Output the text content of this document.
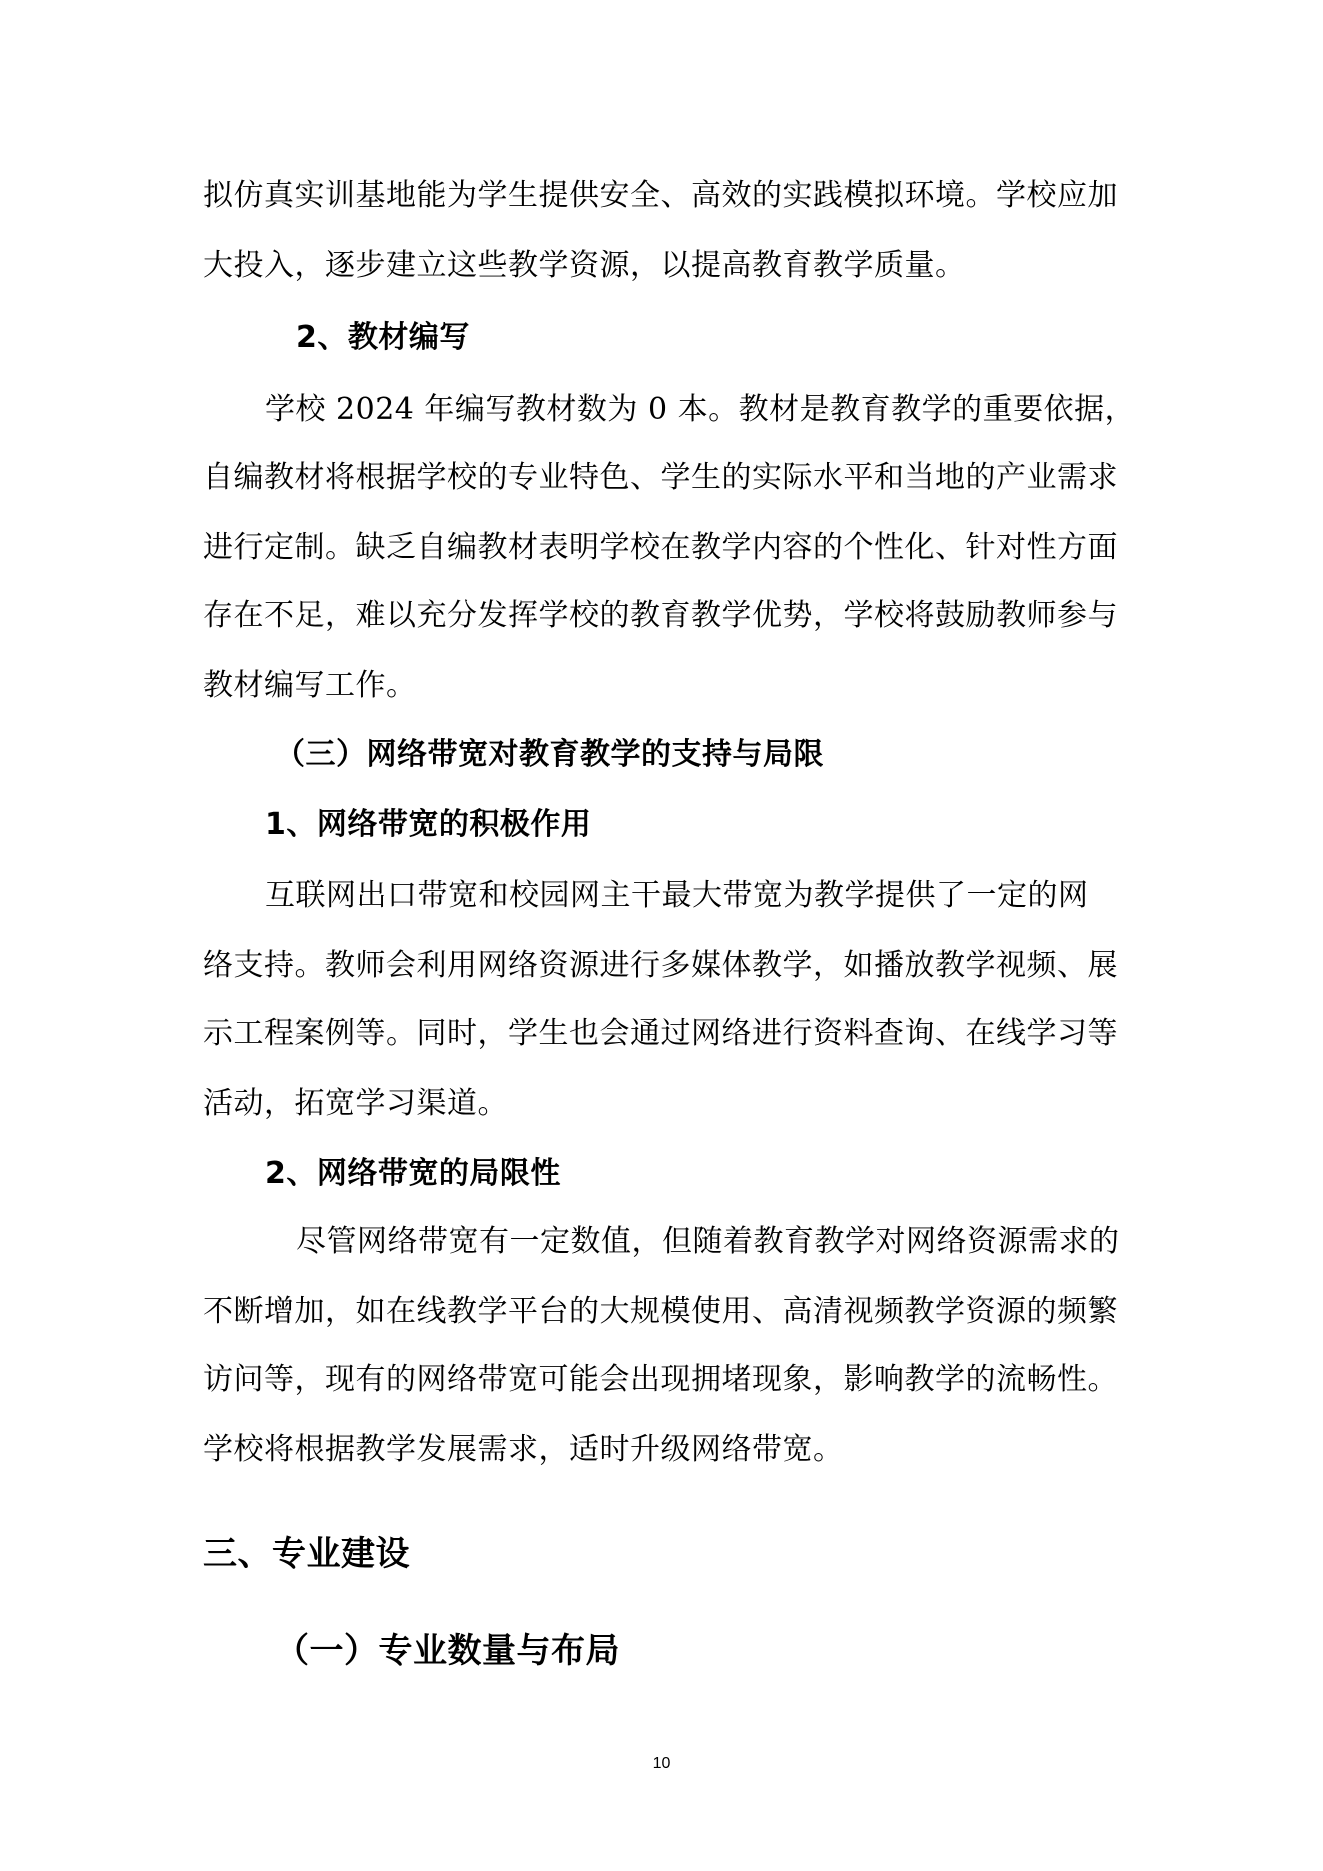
拟仿真实训基地能为学生提供安全、高效的实践模拟环境。学校应加
大投入，逐步建立这些教学资源，以提高教育教学质量。
2、教材编写
学校 2024 年编写教材数为 0 本。教材是教育教学的重要依据，
自编教材将根据学校的专业特色、学生的实际水平和当地的产业需求
进行定制。缺乏自编教材表明学校在教学内容的个性化、针对性方面
存在不足，难以充分发挥学校的教育教学优势，学校将鼓励教师参与
教材编写工作。
（三）网络带宽对教育教学的支持与局限
1、网络带宽的积极作用
互联网出口带宽和校园网主干最大带宽为教学提供了一定的网
络支持。教师会利用网络资源进行多媒体教学，如播放教学视频、展
示工程案例等。同时，学生也会通过网络进行资料查询、在线学习等
活动，拓宽学习渠道。
2、网络带宽的局限性
尽管网络带宽有一定数值，但随着教育教学对网络资源需求的
不断增加，如在线教学平台的大规模使用、高清视频教学资源的频繁
访问等，现有的网络带宽可能会出现拥堵现象，影响教学的流畅性。
学校将根据教学发展需求，适时升级网络带宽。
三、专业建设
（一）专业数量与布局
10
